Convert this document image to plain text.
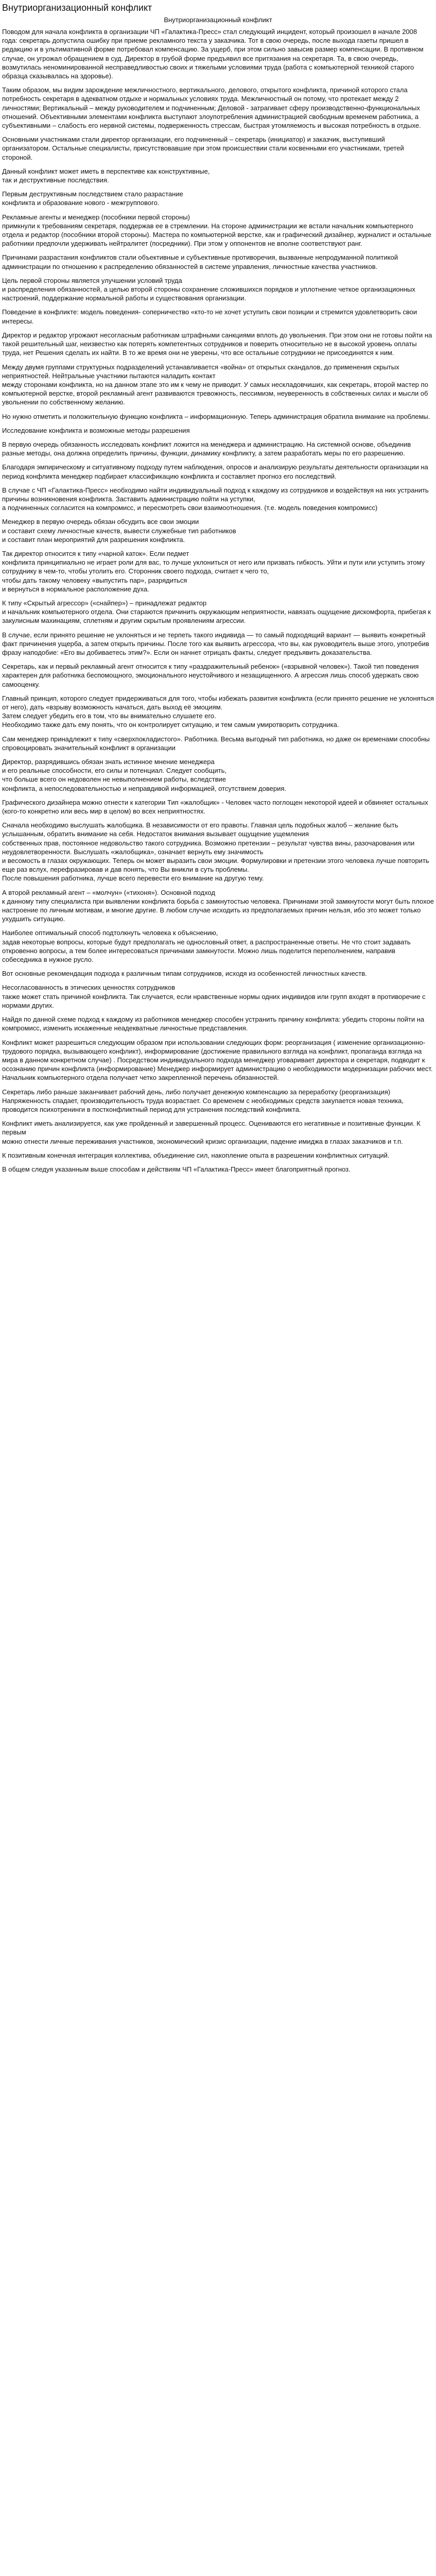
Внутриорганизационный конфликт
Внутриорганизационный конфликт

Поводом для начала конфликта в организации ЧП «Галактика-Пресс» стал следующий инцидент, который произошел в начале 2008 года: секретарь допустила ошибку при приеме рекламного текста у заказчика. Тот в свою очередь, после выхода газеты пришел в редакцию и в ультимативной форме потребовал компенсацию. За ущерб, при этом сильно завысив размер компенсации. В противном случае, он угрожал обращением в суд. Директор в грубой форме предъявил все притязания на секретаря. Та, в свою очередь, возмутилась неноминированной несправедливостью своих и тяжелыми условиями труда (работа с компьютерной техникой старого образца сказывалась на здоровье).

Таким образом, мы видим зарождение межличностного, вертикального, делового, открытого конфликта, причиной которого стала потребность секретаря в адекватном отдыхе и нормальных условиях труда. Межличностный он потому, что протекает между 2 личностями; Вертикальный – между руководителем и подчиненным; Деловой - затрагивает сферу производственно-функциональных отношений. Объективными элементами конфликта выступают злоупотребления администрацией свободным временем работника, а субъективными – слабость его нервной системы, подверженность стрессам, быстрая утомляемость и высокая потребность в отдыхе.

Основными участниками стали директор организации, его подчиненный – секретарь (инициатор) и заказчик, выступивший организатором. Остальные специалисты, присутствовавшие при этом происшествии стали косвенными его участниками, третей стороной.

Данный конфликт может иметь в перспективе как конструктивные,
так и деструктивные последствия.

Первым деструктивным последствием стало разрастание
конфликта и образование нового - межгруппового.

Рекламные агенты и менеджер (пособники первой стороны)
примкнули к требованиям секретаря, поддержав ее в стремлении. На стороне администрации же встали начальник компьютерного отдела и редактор (пособники второй стороны). Мастера по компьютерной верстке, как и графический дизайнер, журналист и остальные работники предпочли удерживать нейтралитет (посредники). При этом у оппонентов не вполне соответствуют ранг.

Причинами разрастания конфликтов стали объективные и субъективные противоречия, вызванные непродуманной политикой администрации по отношению к распределению обязанностей в системе управления, личностные качества участников.

Цель первой стороны является улучшении условий труда
и распределения обязанностей, а целью второй стороны сохранение сложившихся порядков и уплотнение четкое организационных настроений, поддержание нормальной работы и существования организации.

Поведение в конфликте: модель поведения- соперничество «кто-то не хочет уступить свои позиции и стремится удовлетворить свои интересы.

Директор и редактор угрожают несогласным работникам штрафными санкциями вплоть до увольнения. При этом они не готовы пойти на такой решительный шаг, неизвестно как потерять компетентных сотрудников и поверить относительно не в высокой уровень оплаты труда, нет Решения сделать их найти. В то же время они не уверены, что все остальные сотрудники не присоединятся к ним.

Между двумя группами структурных подразделений устанавливается «война» от открытых скандалов, до применения скрытых неприятностей. Нейтральные участники пытаются наладить контакт
между сторонами конфликта, но на данном этапе это им к чему не приводит. У самых нескладовчиших, как секретарь, второй мастер по компьютерной верстке, второй рекламный агент развиваются тревожность, пессимизм, неуверенность в собственных силах и мысли об увольнении по собственному желанию.

Но нужно отметить и положительную функцию конфликта – информационную. Теперь администрация обратила внимание на проблемы.

Исследование конфликта и возможные методы разрешения

В первую очередь обязанность исследовать конфликт ложится на менеджера и администрацию. На системной основе, объединив разные методы, она должна определить причины, функции, динамику конфликту, а затем разработать меры по его разрешению.

Благодаря эмпирическому и ситуативному подходу путем наблюдения, опросов и анализирую результаты деятельности организации на период конфликта менеджер подбирает классификацию конфликта и составляет прогноз его последствий.

В случае с ЧП «Галактика-Пресс» необходимо найти индивидуальный подход к каждому из сотрудников и воздействуя на них устранить причины возникновения конфликта. Заставить администрацию пойти на уступки,
а подчиненных согласится на компромисс, и пересмотреть свои взаимоотношения. (т.е. модель поведения компромисс)

Менеджер в первую очередь обязан обсудить все свои эмоции
и составит схему личностные качеств, вывести служебные тип работников
и составит план мероприятий для разрешения конфликта.

Так директор относится к типу «чарной каток». Если педмет
конфликта принципиально не играет роли для вас, то лучше уклониться от него или призвать гибкость. Уйти и пути или уступить этому сотруднику в чем-то, чтобы утолить его. Сторонник своего подхода, считает к чего то,
чтобы дать такому человеку «выпустить пар», разрядиться
и вернуться в нормальное расположение духа.

К типу «Скрытый агрессор» («снайпер») – принадлежат редактор
и начальник компьютерного отдела. Они стараются причинить окружающим неприятности, навязать ощущение дискомфорта, прибегая к закулисным махинациям, сплетням и другим скрытым проявлениям агрессии.

В случае, если принято решение не уклоняться и не терпеть такого индивида — то самый подходящий вариант — выявить конкретный факт причинения ущерба, а затем открыть причины. После того как выявить агрессора, что вы, как руководитель выше этого, употребив фразу наподобие: «Его вы добиваетесь этим?». Если он начнет отрицать факты, следует предъявить доказательства.

Секретарь, как и первый рекламный агент относится к типу «раздражительный ребенок» («взрывной человек»). Такой тип поведения характерен для работника беспомощного, эмоционального неустойчивого и незащищенного. А агрессия лишь способ удержать свою самооценку.

Главный принцип, которого следует придерживаться для того, чтобы избежать развития конфликта (если принято решение не уклоняться от него), дать «взрыву возможность начаться, дать выход её эмоциям.
Затем следует убедить его в том, что вы внимательно слушаете его.
Необходимо также дать ему понять, что он контролирует ситуацию, и тем самым умиротворить сотрудника.

Сам менеджер принадлежит к типу «сверхпокладистого». Работника. Весьма выгодный тип работника, но даже он временами способны спровоцировать значительный конфликт в организации

Директор, разрядившись обязан знать истинное мнение менеджера
и его реальные способности, его силы и потенциал. Следует сообщить,
что больше всего он недоволен не невыполнением работы, вследствие
конфликта, а непоследовательностью и неправдивой информацией, отсутствием доверия.

Графического дизайнера можно отнести к категории Тип «жалобщик» - Человек часто поглощен некоторой идеей и обвиняет остальных (кого-то конкретно или весь мир в целом) во всех неприятностях.

Сначала необходимо выслушать жалобщика. В независимости от его правоты. Главная цель подобных жалоб – желание быть услышанным, обратить внимание на себя. Недостаток внимания вызывает ощущение ущемления
собственных прав, постоянное недовольство такого сотрудника. Возможно претензии – результат чувства вины, разочарования или неудовлетворенности. Выслушать «жалобщика», означает вернуть ему значимость
и весомость в глазах окружающих. Теперь он может выразить свои эмоции. Формулировки и претензии этого человека лучше повторить еще раз вслух, перефразировав и дав понять, что Вы вникли в суть проблемы.
После повышения работника, лучше всего перевести его внимание на другую тему.

А второй рекламный агент – «молчун» («тихоня»). Основной подход
к данному типу специалиста при выявлении конфликта борьба с замкнутостью человека. Причинами этой замкнутости могут быть плохое настроение по личным мотивам, и многие другие. В любом случае исходить из предполагаемых причин нельзя, ибо это может только ухудшить ситуацию.

Наиболее оптимальный способ подтолкнуть человека к объяснению,
задав некоторые вопросы, которые будут предполагать не однословный ответ, а распространенные ответы. Не что стоит задавать откровенно вопросы, а тем более интересоваться причинами замкнутости. Можно лишь поделится переполнением, направив собеседника в нужное русло.

Вот основные рекомендация подхода к различным типам сотрудников, исходя из особенностей личностных качеств.

Несогласованность в этических ценностях сотрудников
также может стать причиной конфликта. Так случается, если нравственные нормы одних индивидов или групп входят в противоречие с нормами других.

Найдя по данной схеме подход к каждому из работников менеджер способен устранить причину конфликта: убедить стороны пойти на компромисс, изменить искаженные неадекватные личностные представления.

Конфликт может разрешиться следующим образом при использовании следующих форм: реорганизация ( изменение организационно-трудового порядка, вызывающего конфликт), информирование (достижение правильного взгляда на конфликт, пропаганда взгляда на мира в данном конкретном случае) . Посредством индивидуального подхода менеджер уговаривает директора и секретаря, подводит к осознанию причин конфликта (информирование) Менеджер информирует администрацию о необходимости модернизации рабочих мест. Начальник компьютерного отдела получает четко закрепленной перечень обязанностей.

Секретарь либо раньше заканчивает рабочий день, либо получает денежную компенсацию за переработку (реорганизация) Напряженность спадает, производительность труда возрастает. Со временем с необходимых средств закупается новая техника, проводится психотренинги в постконфликтный период для устранения последствий конфликта.

Конфликт иметь анализируется, как уже пройденный и завершенный процесс. Оцениваются его негативные и позитивные функции. К первым
можно отнести личные переживания участников, экономический кризис организации, падение имиджа в глазах заказчиков и т.п.

К позитивным конечная интеграция коллектива, объединение сил, накопление опыта в разрешении конфликтных ситуаций.

В общем следуя указанным выше способам и действиям ЧП «Галактика-Пресс» имеет благоприятный прогноз.
